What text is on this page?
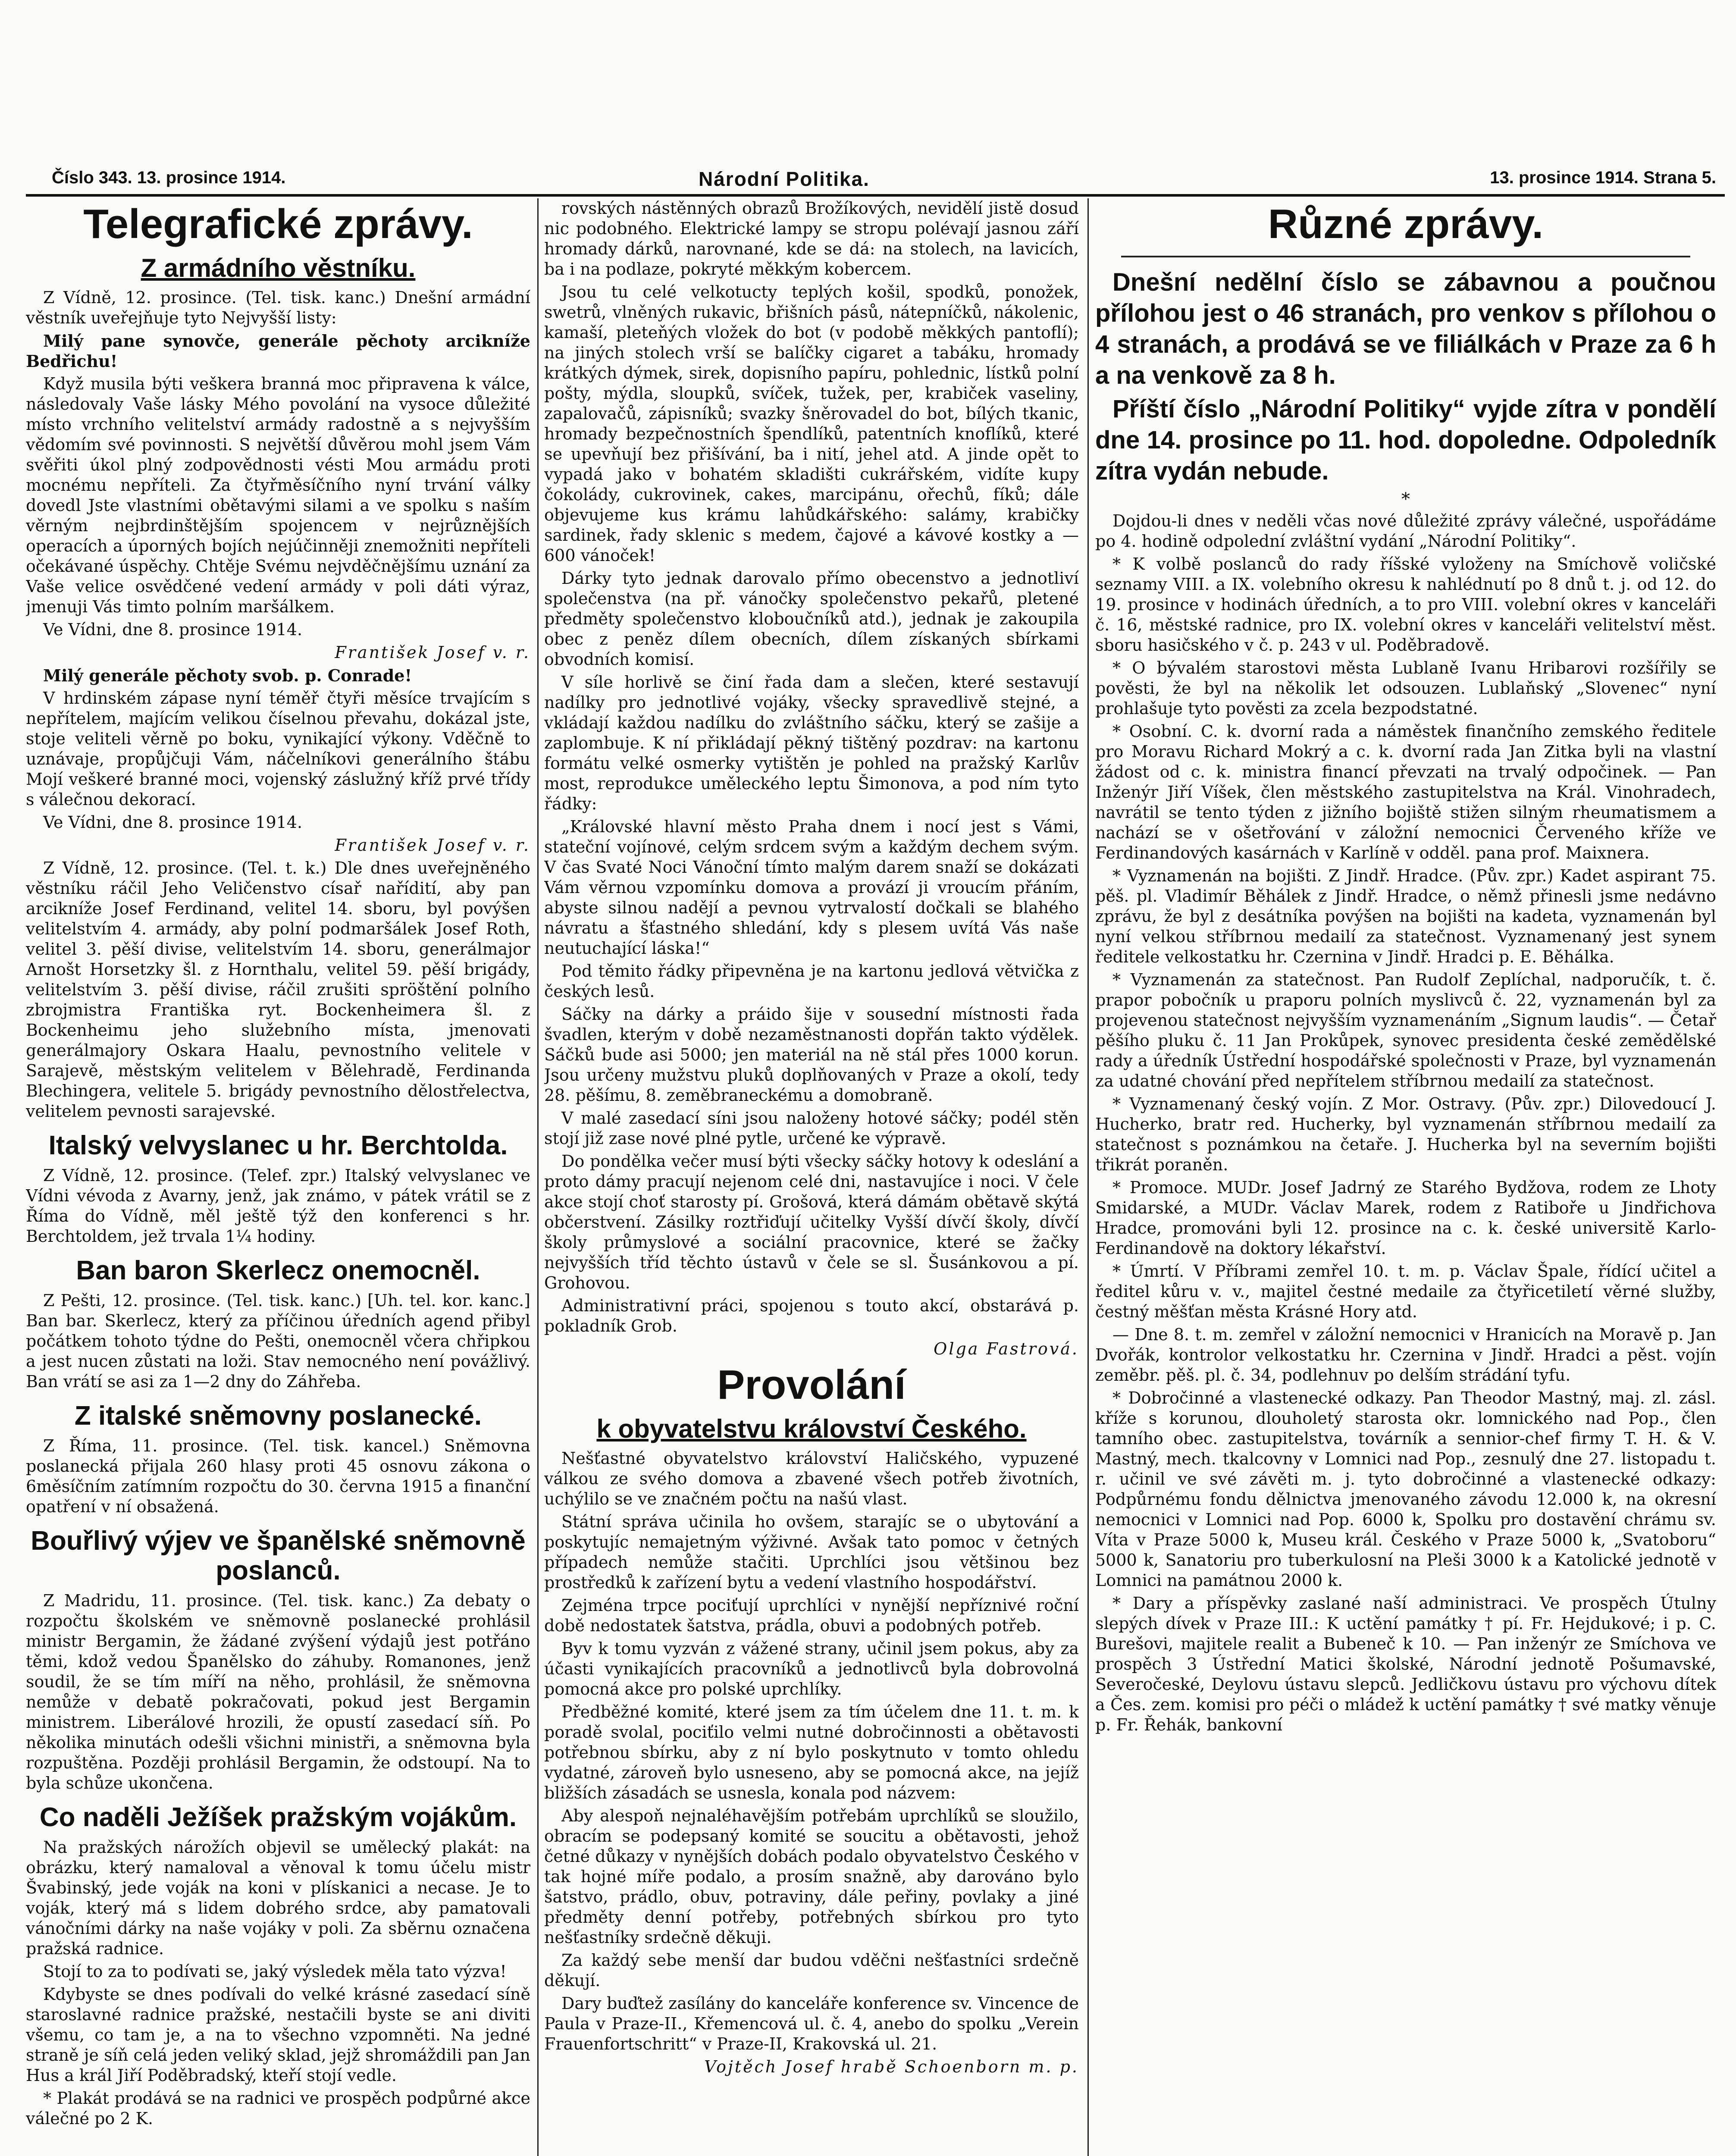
Číslo 343. 13. prosince 1914.	Národní Politika.	13. prosince 1914. Strana 5.
Telegrafické zprávy.
Z armádního věstníku.

Z Vídně, 12. prosince. (Tel. tisk. kanc.) Dnešní armádní věstník uveřejňuje tyto Nejvyšší listy:

Milý pane synovče, generále pěchoty arcikníže Bedřichu!

Když musila býti veškera branná moc připravena k válce, následovaly Vaše lásky Mého povolání na vysoce důležité místo vrchního velitelství armády radostně a s nejvyšším vědomím své povinnosti. S největší důvěrou mohl jsem Vám svěřiti úkol plný zodpovědnosti vésti Mou armádu proti mocnému nepříteli. Za čtyřměsíčního nyní trvání války dovedl Jste vlastními obětavými silami a ve spolku s naším věrným nejbrdinštějším spojencem v nejrůznějších operacích a úporných bojích nejúčinněji znemožniti nepříteli očekávané úspěchy. Chtěje Svému nejvděčnějšímu uznání za Vaše velice osvědčené vedení armády v poli dáti výraz, jmenuji Vás timto polním maršálkem.

Ve Vídni, dne 8. prosince 1914.

František Josef v. r.

Milý generále pěchoty svob. p. Conrade!

V hrdinském zápase nyní téměř čtyři měsíce trvajícím s nepřítelem, majícím velikou číselnou převahu, dokázal jste, stoje veliteli věrně po boku, vynikající výkony. Vděčně to uznávaje, propůjčuji Vám, náčelníkovi generálního štábu Mojí veškeré branné moci, vojenský záslužný kříž prvé třídy s válečnou dekorací.

Ve Vídni, dne 8. prosince 1914.

František Josef v. r.

Z Vídně, 12. prosince. (Tel. t. k.) Dle dnes uveřejněného věstníku ráčil Jeho Veličenstvo císař nařídití, aby pan arcikníže Josef Ferdinand, velitel 14. sboru, byl povýšen velitelstvím 4. armády, aby polní podmaršálek Josef Roth, velitel 3. pěší divise, velitelstvím 14. sboru, generálmajor Arnošt Horsetzky šl. z Hornthalu, velitel 59. pěší brigády, velitelstvím 3. pěší divise, ráčil zrušiti spröštění polního zbrojmistra Františka ryt. Bockenheimera šl. z Bockenheimu jeho služebního místa, jmenovati generálmajory Oskara Haalu, pevnostního velitele v Sarajevě, městským velitelem v Bělehradě, Ferdinanda Blechingera, velitele 5. brigády pevnostního dělostřelectva, velitelem pevnosti sarajevské.

Italský velvyslanec u hr. Berchtolda.

Z Vídně, 12. prosince. (Telef. zpr.) Italský velvyslanec ve Vídni vévoda z Avarny, jenž, jak známo, v pátek vrátil se z Říma do Vídně, měl ještě týž den konferenci s hr. Berchtoldem, jež trvala 1¼ hodiny.

Ban baron Skerlecz onemocněl.

Z Pešti, 12. prosince. (Tel. tisk. kanc.) [Uh. tel. kor. kanc.] Ban bar. Skerlecz, který za příčinou úředních agend přibyl počátkem tohoto týdne do Pešti, onemocněl včera chřipkou a jest nucen zůstati na loži. Stav nemocného není povážlivý. Ban vrátí se asi za 1—2 dny do Záhřeba.

Z italské sněmovny poslanecké.

Z Říma, 11. prosince. (Tel. tisk. kancel.) Sněmovna poslanecká přijala 260 hlasy proti 45 osnovu zákona o 6měsíčním zatímním rozpočtu do 30. června 1915 a finanční opatření v ní obsažená.

Bouřlivý výjev ve španělské sněmovně poslanců.

Z Madridu, 11. prosince. (Tel. tisk. kanc.) Za debaty o rozpočtu školském ve sněmovně poslanecké prohlásil ministr Bergamin, že žádané zvýšení výdajů jest potřáno těmi, kdož vedou Španělsko do záhuby. Romanones, jenž soudil, že se tím míří na něho, prohlásil, že sněmovna nemůže v debatě pokračovati, pokud jest Bergamin ministrem. Liberálové hrozili, že opustí zasedací síň. Po několika minutách odešli všichni ministři, a sněmovna byla rozpuštěna. Později prohlásil Bergamin, že odstoupí. Na to byla schůze ukončena.

Co naděli Ježíšek pražským vojákům.

Na pražských nárožích objevil se umělecký plakát: na obrázku, který namaloval a věnoval k tomu účelu mistr Švabinský, jede voják na koni v plískanici a necase. Je to voják, který má s lidem dobrého srdce, aby pamatovali vánočními dárky na naše vojáky v poli. Za sběrnu označena pražská radnice.

Stojí to za to podívati se, jaký výsledek měla tato výzva!

Kdybyste se dnes podívali do velké krásné zasedací síně staroslavné radnice pražské, nestačili byste se ani diviti všemu, co tam je, a na to všechno vzpomněti. Na jedné straně je síň celá jeden veliký sklad, jejž shromáždili pan Jan Hus a král Jiří Poděbradský, kteří stojí vedle.

* Plakát prodává se na radnici ve prospěch podpůrné akce válečné po 2 K.

rovských nástěnných obrazů Brožíkových, nevidělí jistě dosud nic podobného. Elektrické lampy se stropu polévají jasnou září hromady dárků, narovnané, kde se dá: na stolech, na lavicích, ba i na podlaze, pokryté měkkým kobercem.

Jsou tu celé velkotucty teplých košil, spodků, ponožek, swetrů, vlněných rukavic, břišních pásů, nátepníčků, nákolenic, kamaší, pleteňých vložek do bot (v podobě měkkých pantoflí); na jiných stolech vrší se balíčky cigaret a tabáku, hromady krátkých dýmek, sirek, dopisního papíru, pohlednic, lístků polní pošty, mýdla, sloupků, svíček, tužek, per, krabiček vaseliny, zapalovačů, zápisníků; svazky šněrovadel do bot, bílých tkanic, hromady bezpečnostních špendlíků, patentních knoflíků, které se upevňují bez přišívání, ba i nití, jehel atd. A jinde opět to vypadá jako v bohatém skladišti cukrářském, vidíte kupy čokolády, cukrovinek, cakes, marcipánu, ořechů, fíků; dále objevujeme kus krámu lahůdkářského: salámy, krabičky sardinek, řady sklenic s medem, čajové a kávové kostky a — 600 vánoček!

Dárky tyto jednak darovalo přímo obecenstvo a jednotliví společenstva (na př. vánočky společenstvo pekařů, pletené předměty společenstvo kloboučníků atd.), jednak je zakoupila obec z peněz dílem obecních, dílem získaných sbírkami obvodních komisí.

V síle horlivě se činí řada dam a slečen, které sestavují nadílky pro jednotlivé vojáky, všecky spravedlivě stejné, a vkládají každou nadílku do zvláštního sáčku, který se zašije a zaplombuje. K ní přikládají pěkný tištěný pozdrav: na kartonu formátu velké osmerky vytištěn je pohled na pražský Karlův most, reprodukce uměleckého leptu Šimonova, a pod ním tyto řádky:

„Královské hlavní město Praha dnem i nocí jest s Vámi, stateční vojínové, celým srdcem svým a každým dechem svým. V čas Svaté Noci Vánoční tímto malým darem snaží se dokázati Vám věrnou vzpomínku domova a provází ji vroucím přáním, abyste silnou nadějí a pevnou vytrvalostí dočkali se blahého návratu a šťastného shledání, kdy s plesem uvítá Vás naše neutuchající láska!“

Pod těmito řádky připevněna je na kartonu jedlová větvička z českých lesů.

Sáčky na dárky a práido šije v sousední místnosti řada švadlen, kterým v době nezaměstnanosti dopřán takto výdělek. Sáčků bude asi 5000; jen materiál na ně stál přes 1000 korun. Jsou určeny mužstvu pluků doplňovaných v Praze a okolí, tedy 28. pěšímu, 8. zeměbraneckému a domobraně.

V malé zasedací síni jsou naloženy hotové sáčky; podél stěn stojí již zase nové plné pytle, určené ke výpravě.

Do pondělka večer musí býti všecky sáčky hotovy k odeslání a proto dámy pracují nejenom celé dni, nastavujíce i noci. V čele akce stojí choť starosty pí. Grošová, která dámám obětavě skýtá občerstvení. Zásilky roztřiďují učitelky Vyšší dívčí školy, dívčí školy průmyslové a sociální pracovnice, které se žačky nejvyšších tříd těchto ústavů v čele se sl. Šusánkovou a pí. Grohovou.

Administrativní práci, spojenou s touto akcí, obstarává p. pokladník Grob.

Olga Fastrová.

Provolání
k obyvatelstvu království Českého.

Nešťastné obyvatelstvo království Haličského, vypuzené válkou ze svého domova a zbavené všech potřeb životních, uchýlilo se ve značném počtu na našú vlast.

Státní správa učinila ho ovšem, starajíc se o ubytování a poskytujíc nemajetným výživné. Avšak tato pomoc v četných případech nemůže stačiti. Uprchlíci jsou většinou bez prostředků k zařízení bytu a vedení vlastního hospodářství.

Zejména trpce pociťují uprchlíci v nynější nepříznivé roční době nedostatek šatstva, prádla, obuvi a podobných potřeb.

Byv k tomu vyzván z vážené strany, učinil jsem pokus, aby za účasti vynikajících pracovníků a jednotlivců byla dobrovolná pomocná akce pro polské uprchlíky.

Předběžné komité, které jsem za tím účelem dne 11. t. m. k poradě svolal, pociťilo velmi nutné dobročinnosti a obětavosti potřebnou sbírku, aby z ní bylo poskytnuto v tomto ohledu vydatné, zároveň bylo usneseno, aby se pomocná akce, na jejíž bližších zásadách se usnesla, konala pod názvem:

Aby alespoň nejnaléhavějším potřebám uprchlíků se sloužilo, obracím se podepsaný komité se soucitu a obětavosti, jehož četné důkazy v nynějších dobách podalo obyvatelstvo Českého v tak hojné míře podalo, a prosím snažně, aby darováno bylo šatstvo, prádlo, obuv, potraviny, dále peřiny, povlaky a jiné předměty denní potřeby, potřebných sbírkou pro tyto nešťastníky srdečně děkuji.

Za každý sebe menší dar budou vděčni nešťastníci srdečně děkují.

Dary buďtež zasílány do kanceláře konference sv. Vincence de Paula v Praze-II., Křemencová ul. č. 4, anebo do spolku „Verein Frauenfortschritt“ v Praze-II, Krakovská ul. 21.

Vojtěch Josef hrabě Schoenborn m. p.

Různé zprávy.

Dnešní nedělní číslo se zábavnou a poučnou přílohou jest o 46 stranách, pro venkov s přílohou o 4 stranách, a prodává se ve filiálkách v Praze za 6 h a na venkově za 8 h.

Příští číslo „Národní Politiky“ vyjde zítra v pondělí dne 14. prosince po 11. hod. dopoledne. Odpoledník zítra vydán nebude.

*

Dojdou-li dnes v neděli včas nové důležité zprávy válečné, uspořádáme po 4. hodině odpolední zvláštní vydání „Národní Politiky“.

* K volbě poslanců do rady říšské vyloženy na Smíchově voličské seznamy VIII. a IX. volebního okresu k nahlédnutí po 8 dnů t. j. od 12. do 19. prosince v hodinách úředních, a to pro VIII. volební okres v kanceláři č. 16, městské radnice, pro IX. volební okres v kanceláři velitelství měst. sboru hasičského v č. p. 243 v ul. Poděbradově.

* O bývalém starostovi města Lublaně Ivanu Hribarovi rozšířily se pověsti, že byl na několik let odsouzen. Lublaňský „Slovenec“ nyní prohlašuje tyto pověsti za zcela bezpodstatné.

* Osobní. C. k. dvorní rada a náměstek finančního zemského ředitele pro Moravu Richard Mokrý a c. k. dvorní rada Jan Zitka byli na vlastní žádost od c. k. ministra financí převzati na trvalý odpočinek. — Pan Inženýr Jiří Víšek, člen městského zastupitelstva na Král. Vinohradech, navrátil se tento týden z jižního bojiště stižen silným rheumatismem a nachází se v ošetřování v záložní nemocnici Červeného kříže ve Ferdinandových kasárnách v Karlíně v odděl. pana prof. Maixnera.

* Vyznamenán na bojišti. Z Jindř. Hradce. (Pův. zpr.) Kadet aspirant 75. pěš. pl. Vladimír Běhálek z Jindř. Hradce, o němž přinesli jsme nedávno zprávu, že byl z desátníka povýšen na bojišti na kadeta, vyznamenán byl nyní velkou stříbrnou medailí za statečnost. Vyznamenaný jest synem ředitele velkostatku hr. Czernina v Jindř. Hradci p. E. Běhálka.

* Vyznamenán za statečnost. Pan Rudolf Zeplíchal, nadporučík, t. č. prapor pobočník u praporu polních myslivců č. 22, vyznamenán byl za projevenou statečnost nejvyšším vyznamenáním „Signum laudis“. — Četař pěšího pluku č. 11 Jan Prokůpek, synovec presidenta české zemědělské rady a úředník Ústřední hospodářské společnosti v Praze, byl vyznamenán za udatné chování před nepřítelem stříbrnou medailí za statečnost.

* Vyznamenaný český vojín. Z Mor. Ostravy. (Pův. zpr.) Dilovedoucí J. Hucherko, bratr red. Hucherky, byl vyznamenán stříbrnou medailí za statečnost s poznámkou na četaře. J. Hucherka byl na severním bojišti třikrát poraněn.

* Promoce. MUDr. Josef Jadrný ze Starého Bydžova, rodem ze Lhoty Smidarské, a MUDr. Václav Marek, rodem z Ratiboře u Jindřichova Hradce, promováni byli 12. prosince na c. k. české universitě Karlo-Ferdinandově na doktory lékařství.

* Úmrtí. V Příbrami zemřel 10. t. m. p. Václav Špale, řídící učitel a ředitel kůru v. v., majitel čestné medaile za čtyřicetiletí věrné služby, čestný měšťan města Krásné Hory atd.

— Dne 8. t. m. zemřel v záložní nemocnici v Hranicích na Moravě p. Jan Dvořák, kontrolor velkostatku hr. Czernina v Jindř. Hradci a pěst. vojín zeměbr. pěš. pl. č. 34, podlehnuv po delším strádání tyfu.

* Dobročinné a vlastenecké odkazy. Pan Theodor Mastný, maj. zl. zásl. kříže s korunou, dlouholetý starosta okr. lomnického nad Pop., člen tamního obec. zastupitelstva, továrník a sennior-chef firmy T. H. & V. Mastný, mech. tkalcovny v Lomnici nad Pop., zesnulý dne 27. listopadu t. r. učinil ve své závěti m. j. tyto dobročinné a vlastenecké odkazy: Podpůrnému fondu dělnictva jmenovaného závodu 12.000 k, na okresní nemocnici v Lomnici nad Pop. 6000 k, Spolku pro dostavění chrámu sv. Víta v Praze 5000 k, Museu král. Českého v Praze 5000 k, „Svatoboru“ 5000 k, Sanatoriu pro tuberkulosní na Pleši 3000 k a Katolické jednotě v Lomnici na památnou 2000 k.

* Dary a příspěvky zaslané naší administraci. Ve prospěch Útulny slepých dívek v Praze III.: K uctění památky † pí. Fr. Hejdukové; i p. C. Burešovi, majitele realit a Bubeneč k 10. — Pan inženýr ze Smíchova ve prospěch 3 Ústřední Matici školské, Národní jednotě Pošumavské, Severočeské, Deylovu ústavu slepců. Jedličkovu ústavu pro výchovu dítek a Čes. zem. komisi pro péči o mládež k uctění památky † své matky věnuje p. Fr. Řehák, bankovní
